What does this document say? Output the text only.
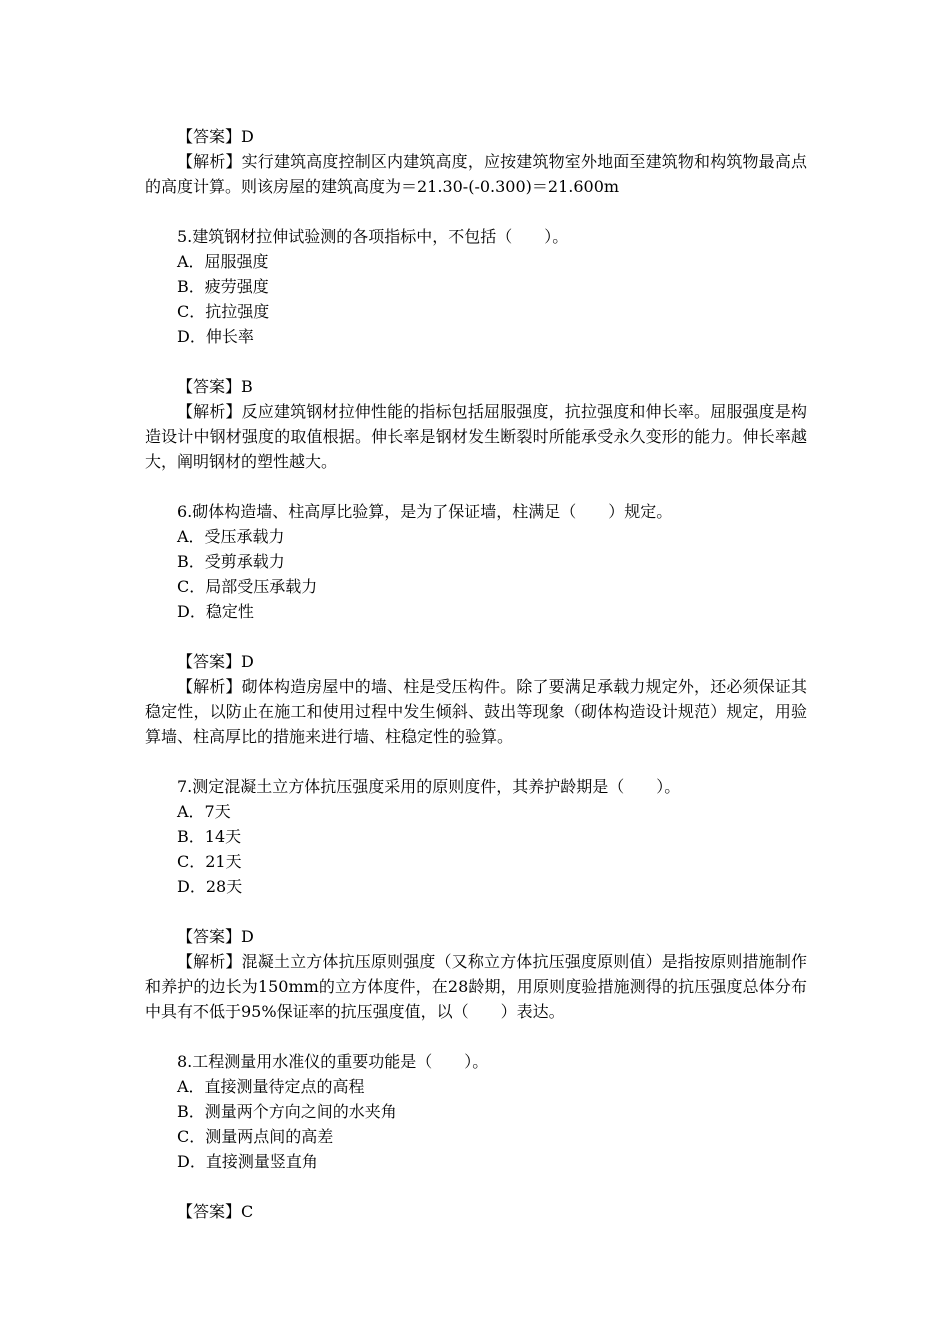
【答案】D
【解析】实行建筑高度控制区内建筑高度，应按建筑物室外地面至建筑物和构筑物最高点的高度计算。则该房屋的建筑高度为＝21.30-(-0.300)＝21.600m
5.建筑钢材拉伸试验测的各项指标中，不包括（　　）。
A．屈服强度
B．疲劳强度
C．抗拉强度
D．伸长率
【答案】B
【解析】反应建筑钢材拉伸性能的指标包括屈服强度，抗拉强度和伸长率。屈服强度是构造设计中钢材强度的取值根据。伸长率是钢材发生断裂时所能承受永久变形的能力。伸长率越大，阐明钢材的塑性越大。
6.砌体构造墙、柱高厚比验算，是为了保证墙，柱满足（　　）规定。
A．受压承载力
B．受剪承载力
C．局部受压承载力
D．稳定性
【答案】D
【解析】砌体构造房屋中的墙、柱是受压构件。除了要满足承载力规定外，还必须保证其稳定性，以防止在施工和使用过程中发生倾斜、鼓出等现象（砌体构造设计规范）规定，用验算墙、柱高厚比的措施来进行墙、柱稳定性的验算。
7.测定混凝土立方体抗压强度采用的原则度件，其养护龄期是（　　）。
A．7天
B．14天
C．21天
D．28天
【答案】D
【解析】混凝土立方体抗压原则强度（又称立方体抗压强度原则值）是指按原则措施制作和养护的边长为150mm的立方体度件，在28龄期，用原则度验措施测得的抗压强度总体分布中具有不低于95%保证率的抗压强度值，以（　　）表达。
8.工程测量用水准仪的重要功能是（　　）。
A．直接测量待定点的高程
B．测量两个方向之间的水夹角
C．测量两点间的高差
D．直接测量竖直角
【答案】C
